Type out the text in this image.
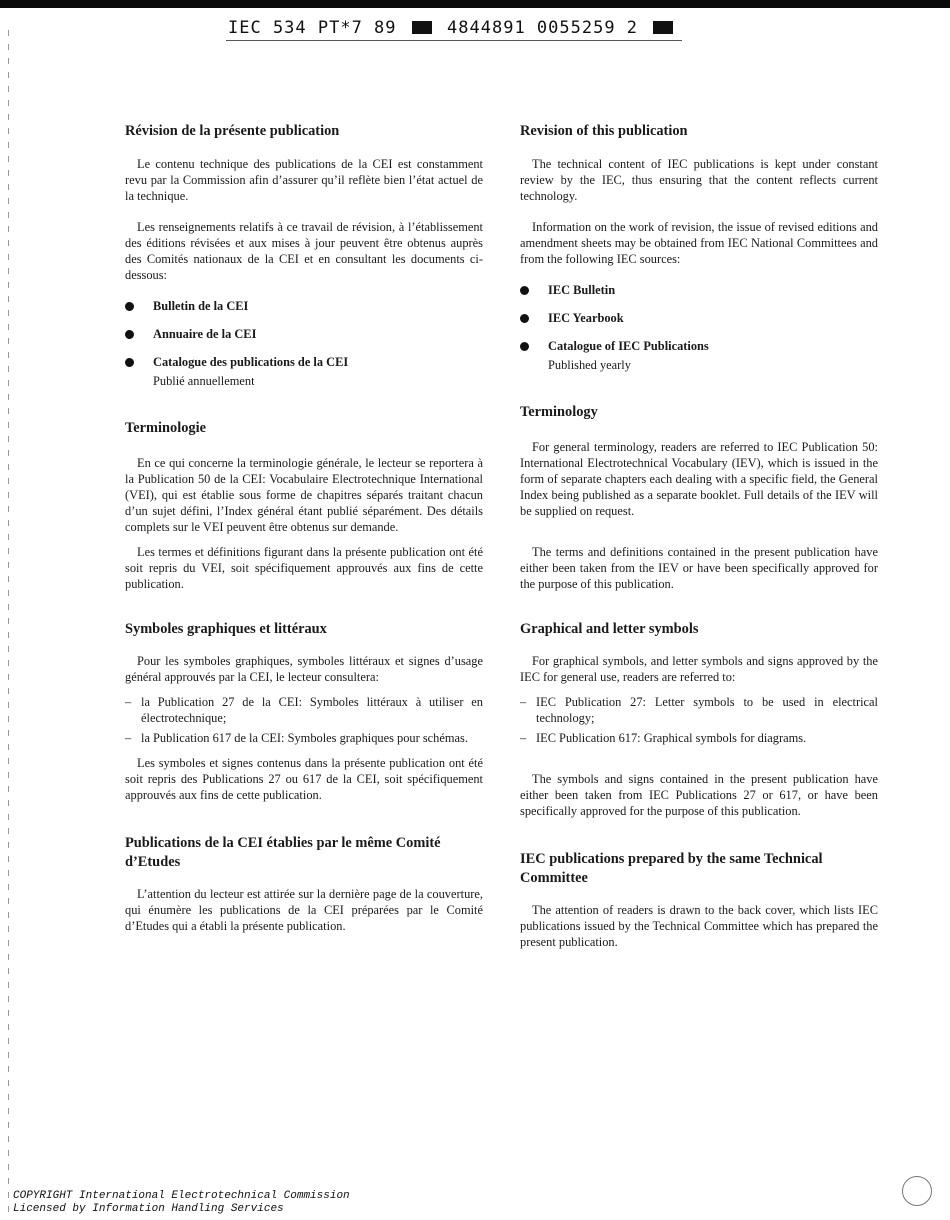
IEC 534 PT*7 89	4844891 0055259 2
Révision de la présente publication

Le contenu technique des publications de la CEI est constamment revu par la Commission afin d’assurer qu’il reflète bien l’état actuel de la technique.

Les renseignements relatifs à ce travail de révision, à l’établissement des éditions révisées et aux mises à jour peuvent être obtenus auprès des Comités nationaux de la CEI et en consultant les documents ci-dessous:

Bulletin de la CEI
Annuaire de la CEI
Catalogue des publications de la CEI
Publié annuellement
Terminologie

En ce qui concerne la terminologie générale, le lecteur se reportera à la Publication 50 de la CEI: Vocabulaire Electrotechnique International (VEI), qui est établie sous forme de chapitres séparés traitant chacun d’un sujet défini, l’Index général étant publié séparément. Des détails complets sur le VEI peuvent être obtenus sur demande.

Les termes et définitions figurant dans la présente publication ont été soit repris du VEI, soit spécifiquement approuvés aux fins de cette publication.

Symboles graphiques et littéraux

Pour les symboles graphiques, symboles littéraux et signes d’usage général approuvés par la CEI, le lecteur consultera:

– la Publication 27 de la CEI: Symboles littéraux à utiliser en électrotechnique;
– la Publication 617 de la CEI: Symboles graphiques pour schémas.

Les symboles et signes contenus dans la présente publication ont été soit repris des Publications 27 ou 617 de la CEI, soit spécifiquement approuvés aux fins de cette publication.

Publications de la CEI établies par le même Comité d’Etudes

L’attention du lecteur est attirée sur la dernière page de la couverture, qui énumère les publications de la CEI préparées par le Comité d’Etudes qui a établi la présente publication.

Revision of this publication

The technical content of IEC publications is kept under constant review by the IEC, thus ensuring that the content reflects current technology.

Information on the work of revision, the issue of revised editions and amendment sheets may be obtained from IEC National Committees and from the following IEC sources:

IEC Bulletin
IEC Yearbook
Catalogue of IEC Publications
Published yearly
Terminology

For general terminology, readers are referred to IEC Publication 50: International Electrotechnical Vocabulary (IEV), which is issued in the form of separate chapters each dealing with a specific field, the General Index being published as a separate booklet. Full details of the IEV will be supplied on request.

The terms and definitions contained in the present publication have either been taken from the IEV or have been specifically approved for the purpose of this publication.

Graphical and letter symbols

For graphical symbols, and letter symbols and signs approved by the IEC for general use, readers are referred to:

– IEC Publication 27: Letter symbols to be used in electrical technology;
– IEC Publication 617: Graphical symbols for diagrams.

The symbols and signs contained in the present publication have either been taken from IEC Publications 27 or 617, or have been specifically approved for the purpose of this publication.

IEC publications prepared by the same Technical Committee

The attention of readers is drawn to the back cover, which lists IEC publications issued by the Technical Committee which has prepared the present publication.

COPYRIGHT International Electrotechnical Commission
Licensed by Information Handling Services
